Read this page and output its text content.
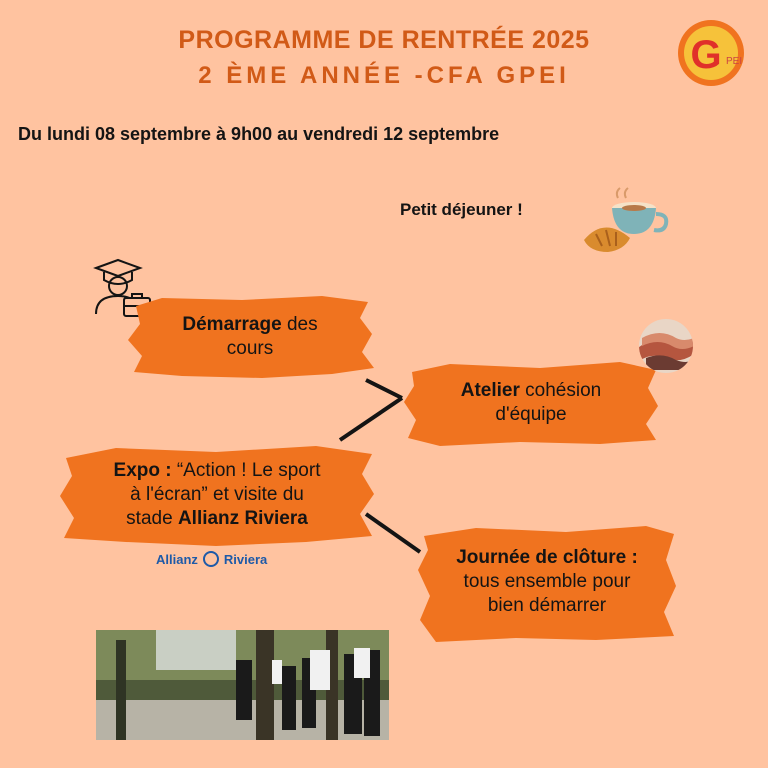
PROGRAMME DE RENTRÉE 2025
2 ÈME ANNÉE -CFA GPEI	G PEI
Du lundi 08 septembre à 9h00 au vendredi 12 septembre
Petit déjeuner !
Démarrage des
cours
Atelier cohésion
d'équipe
Expo : “Action ! Le sport
à l'écran” et visite du
stade Allianz Riviera
Allianz Riviera	Journée de clôture :
tous ensemble pour
bien démarrer
